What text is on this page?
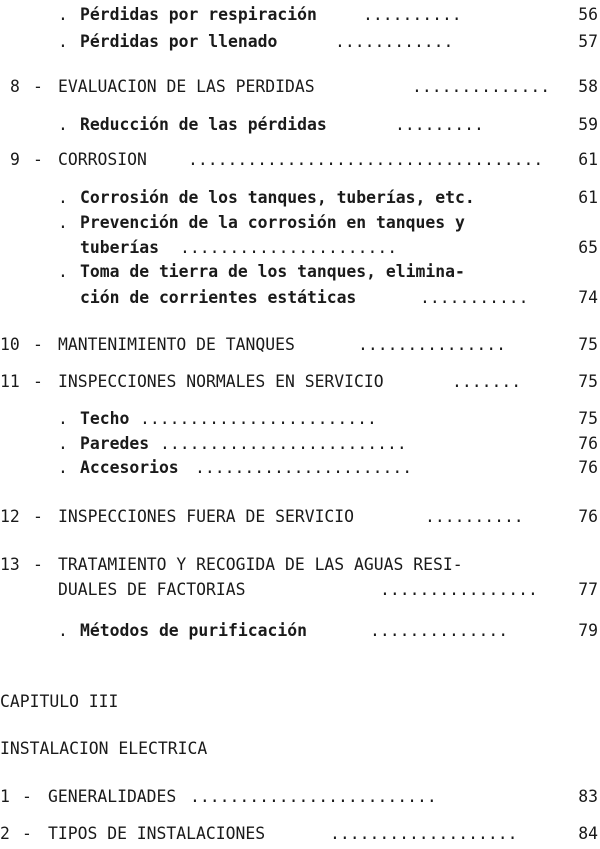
. Pérdidas por respiración	..........	56
. Pérdidas por llenado	............	57
8 - EVALUACION DE LAS PERDIDAS	.............. 58
. Reducción de las pérdidas	.........	59
9 - CORROSION	.................................... 61
. Corrosión de los tanques, tuberías, etc.	61
. Prevención de la corrosión en tanques y
tuberías ......................	65
. Toma de tierra de los tanques, elimina-
ción de corrientes estáticas	...........	74
10 - MANTENIMIENTO DE TANQUES	...............	75
11 - INSPECCIONES NORMALES EN SERVICIO	.......	75
. Techo ........................	75
. Paredes .........................	76
. Accesorios ......................	76
12 - INSPECCIONES FUERA DE SERVICIO	..........	76
13 - TRATAMIENTO Y RECOGIDA DE LAS AGUAS RESI-
DUALES DE FACTORIAS	................ 77
. Métodos de purificación	..............	79
CAPITULO III
INSTALACION ELECTRICA
1 - GENERALIDADES .........................	83
2 - TIPOS DE INSTALACIONES	...................	84
